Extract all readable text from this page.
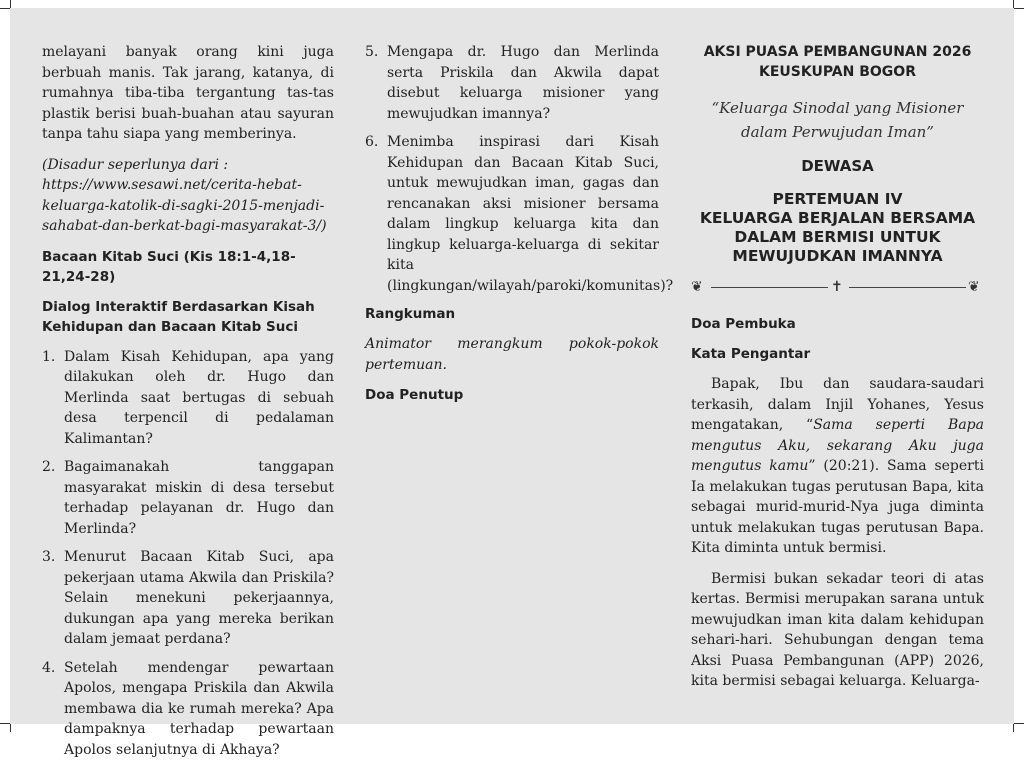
melayani banyak orang kini juga berbuah manis. Tak jarang, katanya, di rumahnya tiba-tiba tergantung tas-tas plastik berisi buah-buahan atau sayuran tanpa tahu siapa yang memberinya.

(Disadur seperlunya dari : https://www.sesawi.net/cerita-hebat-keluarga-katolik-di-sagki-2015-menjadi-sahabat-dan-berkat-bagi-masyarakat-3/)

Bacaan Kitab Suci (Kis 18:1-4,18-21,24-28)

Dialog Interaktif Berdasarkan Kisah Kehidupan dan Bacaan Kitab Suci

1. Dalam Kisah Kehidupan, apa yang dilakukan oleh dr. Hugo dan Merlinda saat bertugas di sebuah desa terpencil di pedalaman Kalimantan?
2. Bagaimanakah tanggapan masyarakat miskin di desa tersebut terhadap pelayanan dr. Hugo dan Merlinda?
3. Menurut Bacaan Kitab Suci, apa pekerjaan utama Akwila dan Priskila? Selain menekuni pekerjaannya, dukungan apa yang mereka berikan dalam jemaat perdana?
4. Setelah mendengar pewartaan Apolos, mengapa Priskila dan Akwila membawa dia ke rumah mereka? Apa dampaknya terhadap pewartaan Apolos selanjutnya di Akhaya?
5. Mengapa dr. Hugo dan Merlinda serta Priskila dan Akwila dapat disebut keluarga misioner yang mewujudkan imannya?
6. Menimba inspirasi dari Kisah Kehidupan dan Bacaan Kitab Suci, untuk mewujudkan iman, gagas dan rencanakan aksi misioner bersama dalam lingkup keluarga kita dan lingkup keluarga-keluarga di sekitar kita (lingkungan/wilayah/paroki/komunitas)?

Rangkuman

Animator merangkum pokok-pokok pertemuan.

Doa Penutup

AKSI PUASA PEMBANGUNAN 2026

KEUSKUPAN BOGOR

“Keluarga Sinodal yang Misioner
dalam Perwujudan Iman”

DEWASA

PERTEMUAN IV

KELUARGA BERJALAN BERSAMA DALAM BERMISI UNTUK MEWUJUDKAN IMANNYA

❦	✝	❦

Doa Pembuka

Kata Pengantar

Bapak, Ibu dan saudara-saudari terkasih, dalam Injil Yohanes, Yesus mengatakan, “Sama seperti Bapa mengutus Aku, sekarang Aku juga mengutus kamu” (20:21). Sama seperti Ia melakukan tugas perutusan Bapa, kita sebagai murid-murid-Nya juga diminta untuk melakukan tugas perutusan Bapa. Kita diminta untuk bermisi.

Bermisi bukan sekadar teori di atas kertas. Bermisi merupakan sarana untuk mewujudkan iman kita dalam kehidupan sehari-hari. Sehubungan dengan tema Aksi Puasa Pembangunan (APP) 2026, kita bermisi sebagai keluarga. Keluarga-
